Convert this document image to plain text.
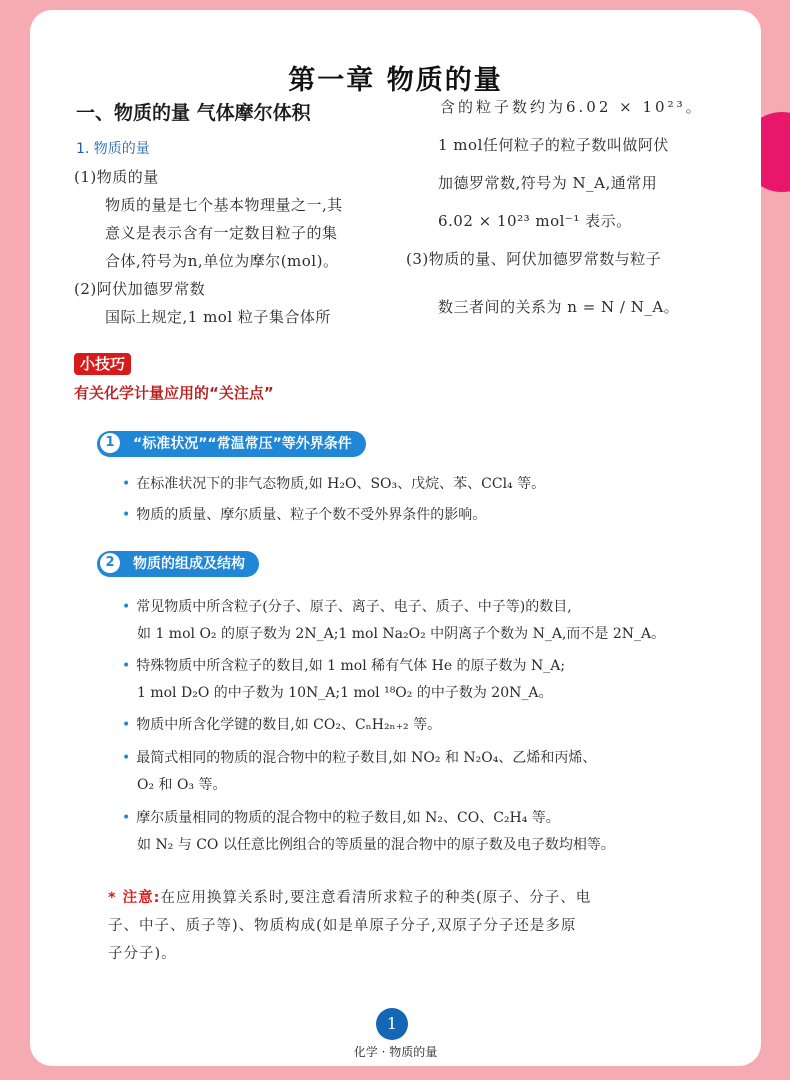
第一章 物质的量
一、物质的量 气体摩尔体积
1. 物质的量
(1)物质的量
物质的量是七个基本物理量之一,其
意义是表示含有一定数目粒子的集
合体,符号为n,单位为摩尔(mol)。
(2)阿伏加德罗常数
国际上规定,1 mol 粒子集合体所
含的粒子数约为6.02 × 10²³。
1 mol任何粒子的粒子数叫做阿伏
加德罗常数,符号为 N_A,通常用
6.02 × 10²³ mol⁻¹ 表示。
(3)物质的量、阿伏加德罗常数与粒子
数三者间的关系为 n = N / N_A。
小技巧
有关化学计量应用的“关注点”
1	“标准状况”“常温常压”等外界条件
• 在标准状况下的非气态物质,如 H₂O、SO₃、戊烷、苯、CCl₄ 等。
• 物质的质量、摩尔质量、粒子个数不受外界条件的影响。
2	物质的组成及结构
• 常见物质中所含粒子(分子、原子、离子、电子、质子、中子等)的数目,
如 1 mol O₂ 的原子数为 2N_A;1 mol Na₂O₂ 中阴离子个数为 N_A,而不是 2N_A。
• 特殊物质中所含粒子的数目,如 1 mol 稀有气体 He 的原子数为 N_A;
1 mol D₂O 的中子数为 10N_A;1 mol ¹⁸O₂ 的中子数为 20N_A。
• 物质中所含化学键的数目,如 CO₂、CₙH₂ₙ₊₂ 等。
• 最简式相同的物质的混合物中的粒子数目,如 NO₂ 和 N₂O₄、乙烯和丙烯、
O₂ 和 O₃ 等。
• 摩尔质量相同的物质的混合物中的粒子数目,如 N₂、CO、C₂H₄ 等。
如 N₂ 与 CO 以任意比例组合的等质量的混合物中的原子数及电子数均相等。
* 注意:在应用换算关系时,要注意看清所求粒子的种类(原子、分子、电
子、中子、质子等)、物质构成(如是单原子分子,双原子分子还是多原
子分子)。
1
化学 · 物质的量
